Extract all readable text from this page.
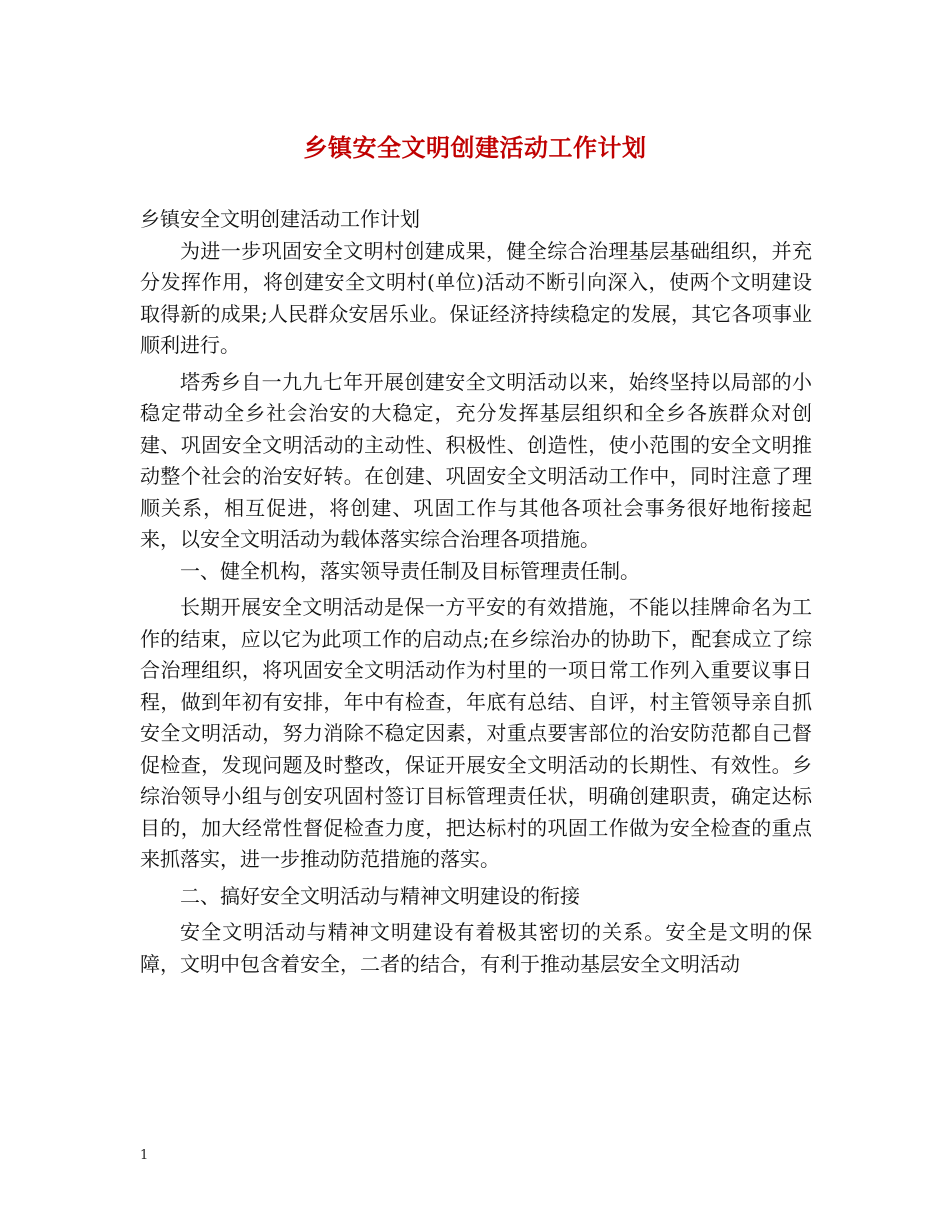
乡镇安全文明创建活动工作计划

乡镇安全文明创建活动工作计划

为进一步巩固安全文明村创建成果，健全综合治理基层基础组织，并充分发挥作用，将创建安全文明村(单位)活动不断引向深入，使两个文明建设取得新的成果;人民群众安居乐业。保证经济持续稳定的发展，其它各项事业顺利进行。

塔秀乡自一九九七年开展创建安全文明活动以来，始终坚持以局部的小稳定带动全乡社会治安的大稳定，充分发挥基层组织和全乡各族群众对创建、巩固安全文明活动的主动性、积极性、创造性，使小范围的安全文明推动整个社会的治安好转。在创建、巩固安全文明活动工作中，同时注意了理顺关系，相互促进，将创建、巩固工作与其他各项社会事务很好地衔接起来，以安全文明活动为载体落实综合治理各项措施。

一、健全机构，落实领导责任制及目标管理责任制。

长期开展安全文明活动是保一方平安的有效措施，不能以挂牌命名为工作的结束，应以它为此项工作的启动点;在乡综治办的协助下，配套成立了综合治理组织，将巩固安全文明活动作为村里的一项日常工作列入重要议事日程，做到年初有安排，年中有检查，年底有总结、自评，村主管领导亲自抓安全文明活动，努力消除不稳定因素，对重点要害部位的治安防范都自己督促检查，发现问题及时整改，保证开展安全文明活动的长期性、有效性。乡综治领导小组与创安巩固村签订目标管理责任状，明确创建职责，确定达标目的，加大经常性督促检查力度，把达标村的巩固工作做为安全检查的重点来抓落实，进一步推动防范措施的落实。

二、搞好安全文明活动与精神文明建设的衔接

安全文明活动与精神文明建设有着极其密切的关系。安全是文明的保障，文明中包含着安全，二者的结合，有利于推动基层安全文明活动

1
